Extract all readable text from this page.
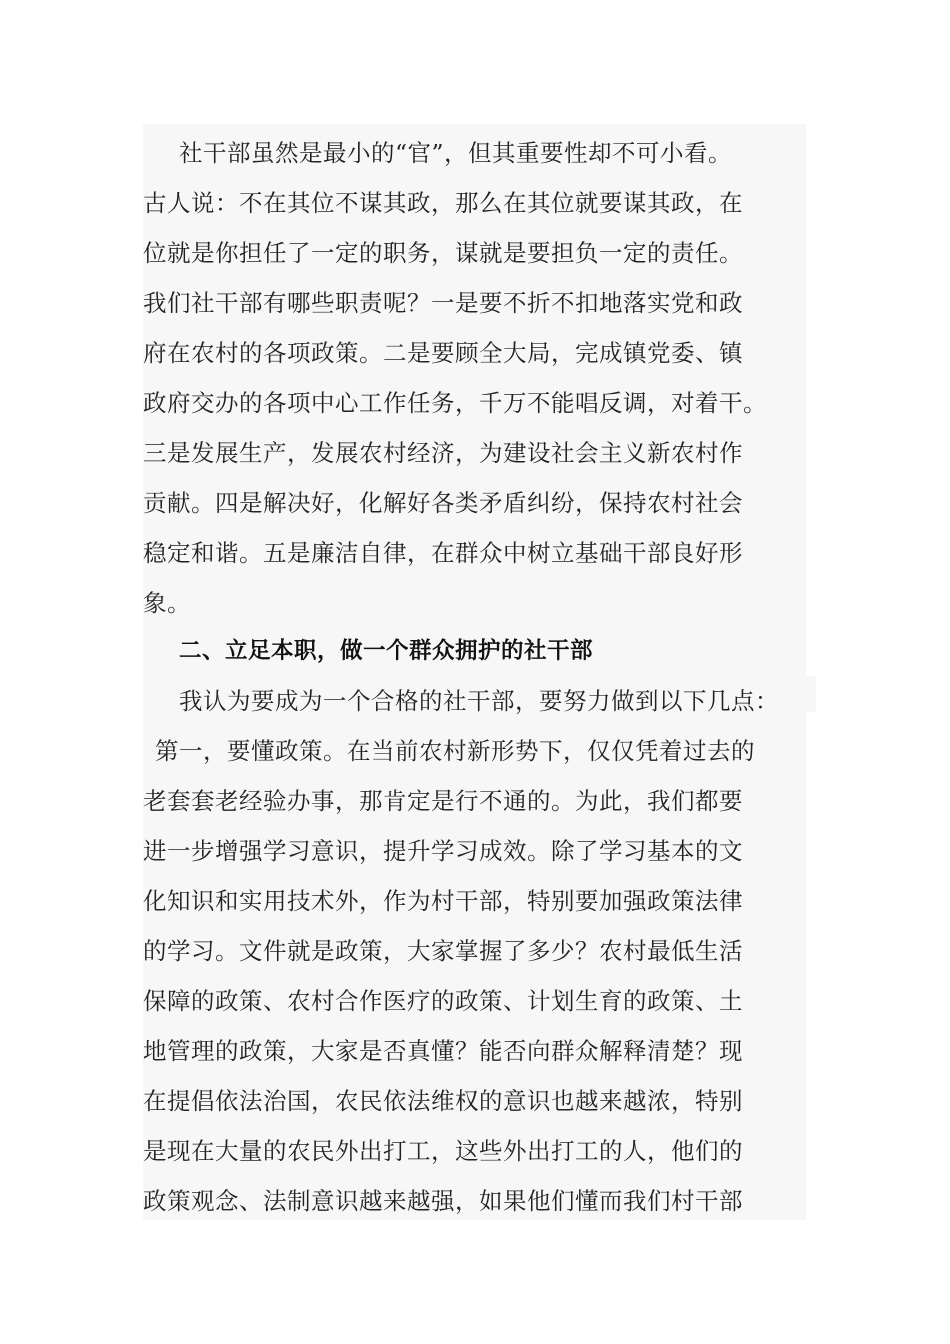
社干部虽然是最小的“官”，但其重要性却不可小看。
古人说：不在其位不谋其政，那么在其位就要谋其政，在
位就是你担任了一定的职务，谋就是要担负一定的责任。
我们社干部有哪些职责呢？一是要不折不扣地落实党和政
府在农村的各项政策。二是要顾全大局，完成镇党委、镇
政府交办的各项中心工作任务，千万不能唱反调，对着干。
三是发展生产，发展农村经济，为建设社会主义新农村作
贡献。四是解决好，化解好各类矛盾纠纷，保持农村社会
稳定和谐。五是廉洁自律，在群众中树立基础干部良好形
象。
二、立足本职，做一个群众拥护的社干部
我认为要成为一个合格的社干部，要努力做到以下几点：
第一，要懂政策。在当前农村新形势下，仅仅凭着过去的
老套套老经验办事，那肯定是行不通的。为此，我们都要
进一步增强学习意识，提升学习成效。除了学习基本的文
化知识和实用技术外，作为村干部，特别要加强政策法律
的学习。文件就是政策，大家掌握了多少？农村最低生活
保障的政策、农村合作医疗的政策、计划生育的政策、土
地管理的政策，大家是否真懂？能否向群众解释清楚？现
在提倡依法治国，农民依法维权的意识也越来越浓，特别
是现在大量的农民外出打工，这些外出打工的人，他们的
政策观念、法制意识越来越强，如果他们懂而我们村干部
